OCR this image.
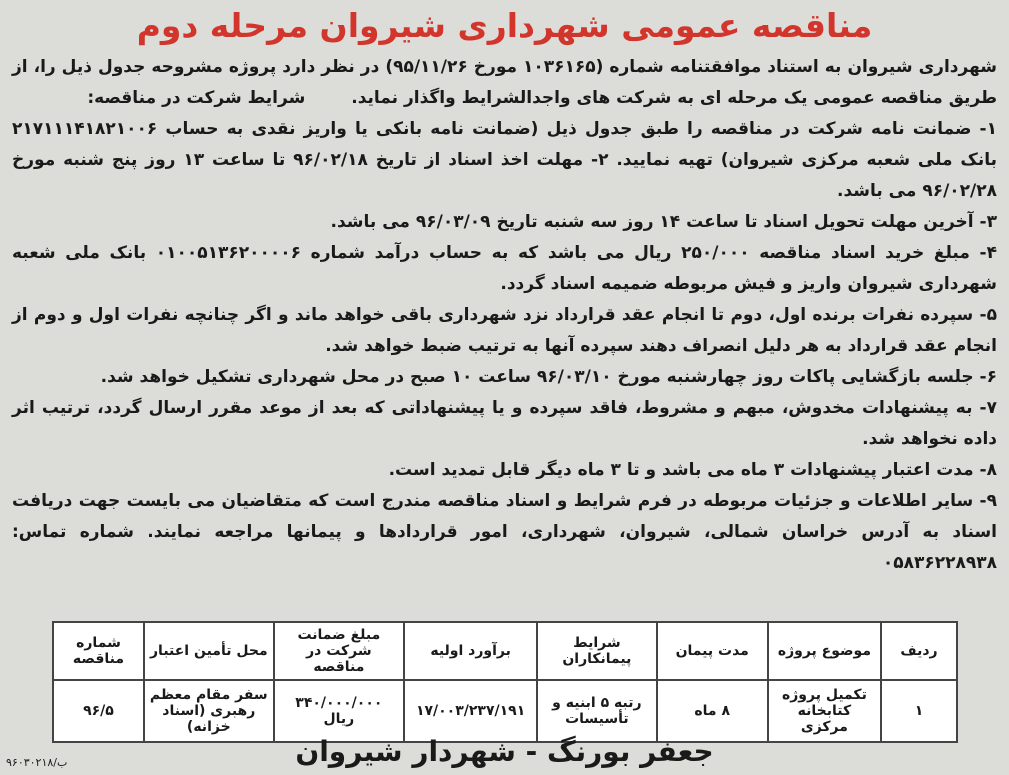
مناقصه عمومی شهرداری شیروان مرحله دوم

شهرداری شیروان به استناد موافقتنامه شماره (۱۰۳۶۱۶۵ مورخ ۹۵/۱۱/۲۶) در نظر دارد پروژه مشروحه جدول ذیل را، از طریق مناقصه عمومی یک مرحله ای به شرکت های واجدالشرایط واگذار نماید. شرایط شرکت در مناقصه:

۱- ضمانت نامه شرکت در مناقصه را طبق جدول ذیل (ضمانت نامه بانکی یا واریز نقدی به حساب ۲۱۷۱۱۱۴۱۸۲۱۰۰۶ بانک ملی شعبه مرکزی شیروان) تهیه نمایید. ۲- مهلت اخذ اسناد از تاریخ ۹۶/۰۲/۱۸ تا ساعت ۱۳ روز پنج شنبه مورخ ۹۶/۰۲/۲۸ می باشد.

۳- آخرین مهلت تحویل اسناد تا ساعت ۱۴ روز سه شنبه تاریخ ۹۶/۰۳/۰۹ می باشد.

۴- مبلغ خرید اسناد مناقصه ۲۵۰/۰۰۰ ریال می باشد که به حساب درآمد شماره ۰۱۰۰۵۱۳۶۲۰۰۰۰۶ بانک ملی شعبه شهرداری شیروان واریز و فیش مربوطه ضمیمه اسناد گردد.

۵- سپرده نفرات برنده اول، دوم تا انجام عقد قرارداد نزد شهرداری باقی خواهد ماند و اگر چنانچه نفرات اول و دوم از انجام عقد قرارداد به هر دلیل انصراف دهند سپرده آنها به ترتیب ضبط خواهد شد.

۶- جلسه بازگشایی پاکات روز چهارشنبه مورخ ۹۶/۰۳/۱۰ ساعت ۱۰ صبح در محل شهرداری تشکیل خواهد شد.

۷- به پیشنهادات مخدوش، مبهم و مشروط، فاقد سپرده و یا پیشنهاداتی که بعد از موعد مقرر ارسال گردد، ترتیب اثر داده نخواهد شد.

۸- مدت اعتبار پیشنهادات ۳ ماه می باشد و تا ۳ ماه دیگر قابل تمدید است.

۹- سایر اطلاعات و جزئیات مربوطه در فرم شرایط و اسناد مناقصه مندرج است که متقاضیان می بایست جهت دریافت اسناد به آدرس خراسان شمالی، شیروان، شهرداری، امور قراردادها و پیمانها مراجعه نمایند. شماره تماس: ۰۵۸۳۶۲۲۸۹۳۸

ردیف	موضوع پروژه	مدت پیمان	شرایط پیمانکاران	برآورد اولیه	مبلغ ضمانت شرکت در مناقصه	محل تأمین اعتبار	شماره مناقصه
۱	تکمیل پروژه کتابخانه مرکزی	۸ ماه	رتبه ۵ ابنیه و تأسیسات	۱۷/۰۰۳/۲۳۷/۱۹۱	۳۴۰/۰۰۰/۰۰۰ ریال	سفر مقام معظم رهبری (اسناد خزانه)	۹۶/۵
جعفر بورنگ - شهردار شیروان
۹۶۰۳۰۲۱۸/ب
